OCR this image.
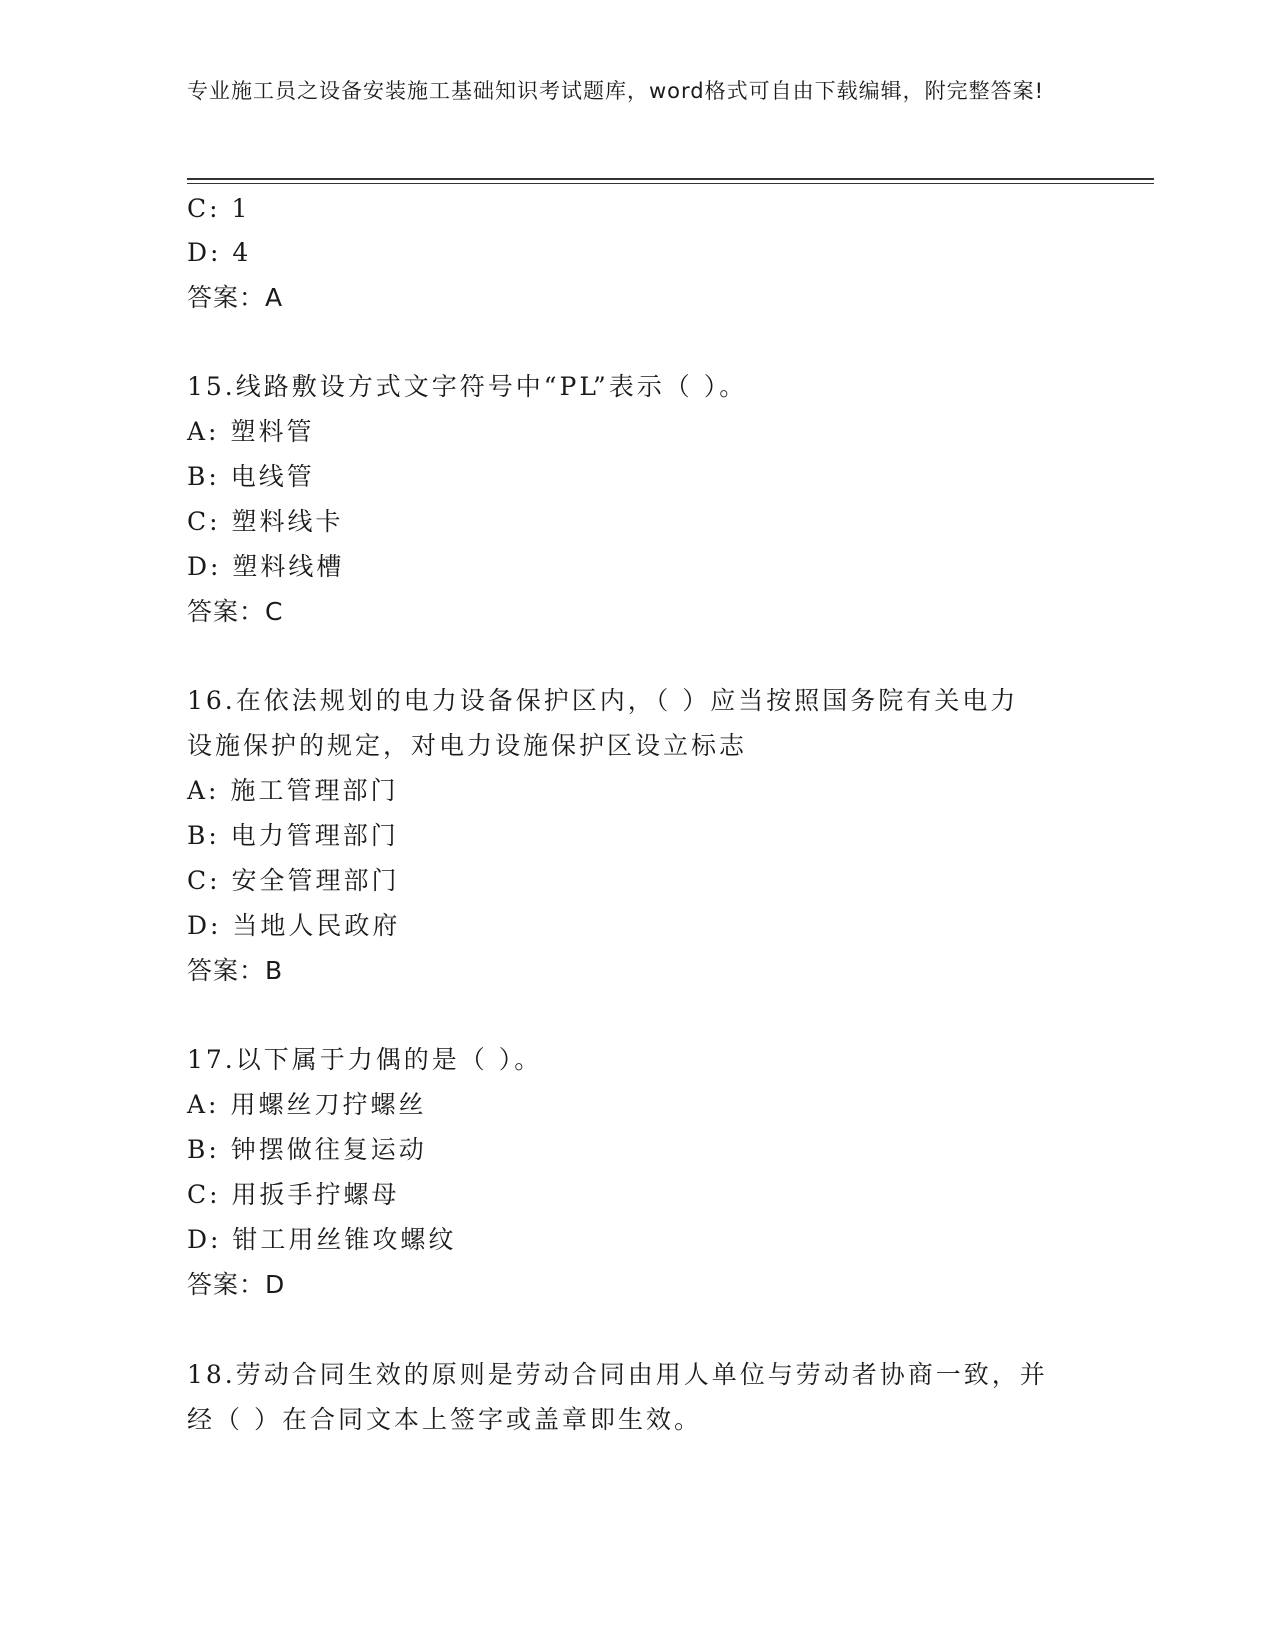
专业施工员之设备安装施工基础知识考试题库，word格式可自由下载编辑，附完整答案!
C: 1
D: 4
答案：A
15.线路敷设方式文字符号中“PL”表示（ ）。
A: 塑料管
B: 电线管
C: 塑料线卡
D: 塑料线槽
答案：C
16.在依法规划的电力设备保护区内，（ ）应当按照国务院有关电力
设施保护的规定，对电力设施保护区设立标志
A: 施工管理部门
B: 电力管理部门
C: 安全管理部门
D: 当地人民政府
答案：B
17.以下属于力偶的是（ ）。
A: 用螺丝刀拧螺丝
B: 钟摆做往复运动
C: 用扳手拧螺母
D: 钳工用丝锥攻螺纹
答案：D
18.劳动合同生效的原则是劳动合同由用人单位与劳动者协商一致，并
经（ ）在合同文本上签字或盖章即生效。
